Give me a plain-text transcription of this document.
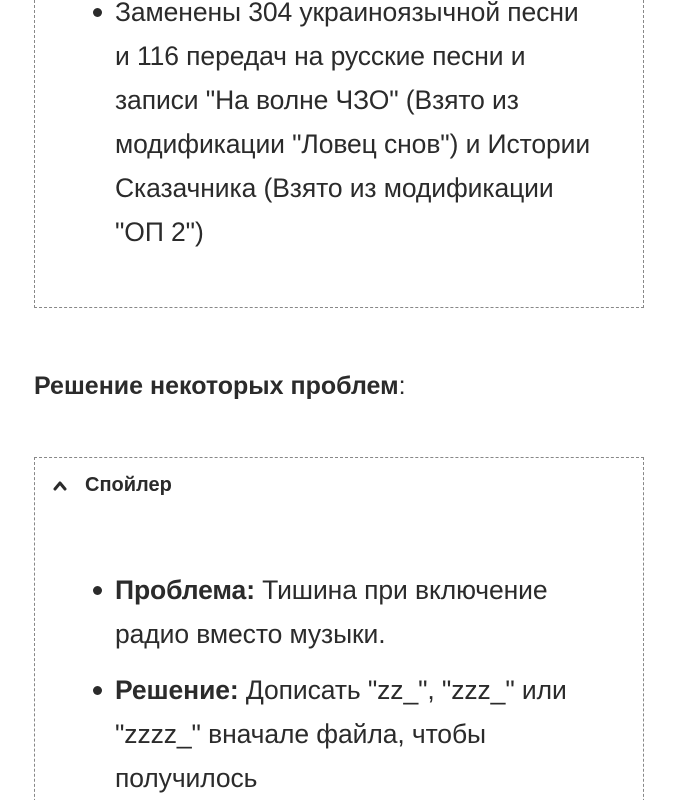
Заменены 304 украиноязычной песни
и 116 передач на русские песни и
записи "На волне ЧЗО" (Взято из
модификации "Ловец снов") и Истории
Сказачника (Взято из модификации
"ОП 2")
Решение некоторых проблем:
Спойлер
Проблема: Тишина при включение
радио вместо музыки.
Решение: Дописать "zz_", "zzz_" или
"zzzz_" вначале файла, чтобы
получилось
